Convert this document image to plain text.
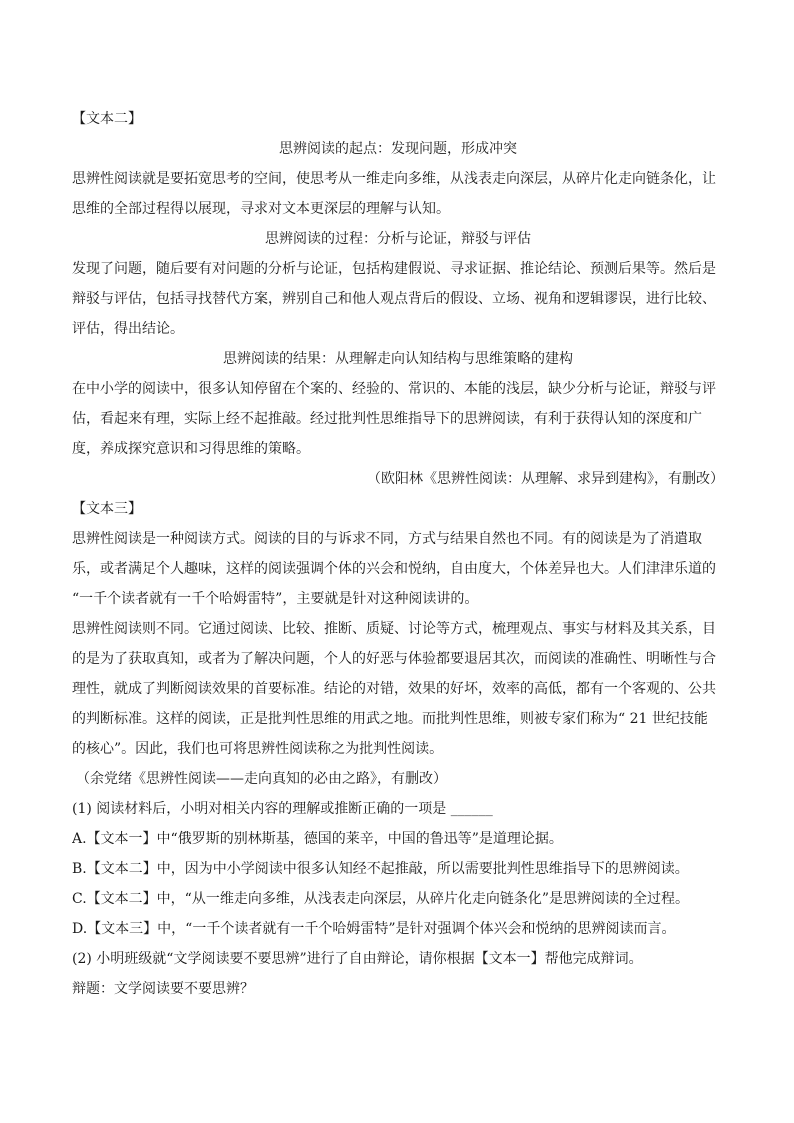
【文本二】
思辨阅读的起点：发现问题，形成冲突
思辨性阅读就是要拓宽思考的空间，使思考从一维走向多维，从浅表走向深层，从碎片化走向链条化，让
思维的全部过程得以展现，寻求对文本更深层的理解与认知。
思辨阅读的过程：分析与论证，辩驳与评估
发现了问题，随后要有对问题的分析与论证，包括构建假说、寻求证据、推论结论、预测后果等。然后是
辩驳与评估，包括寻找替代方案，辨别自己和他人观点背后的假设、立场、视角和逻辑谬误，进行比较、
评估，得出结论。
思辨阅读的结果：从理解走向认知结构与思维策略的建构
在中小学的阅读中，很多认知停留在个案的、经验的、常识的、本能的浅层，缺少分析与论证，辩驳与评
估，看起来有理，实际上经不起推敲。经过批判性思维指导下的思辨阅读，有利于获得认知的深度和广
度，养成探究意识和习得思维的策略。
（欧阳林《思辨性阅读：从理解、求异到建构》，有删改）
【文本三】
思辨性阅读是一种阅读方式。阅读的目的与诉求不同，方式与结果自然也不同。有的阅读是为了消遣取
乐，或者满足个人趣味，这样的阅读强调个体的兴会和悦纳，自由度大，个体差异也大。人们津津乐道的
“一千个读者就有一千个哈姆雷特”，主要就是针对这种阅读讲的。
思辨性阅读则不同。它通过阅读、比较、推断、质疑、讨论等方式，梳理观点、事实与材料及其关系，目
的是为了获取真知，或者为了解决问题，个人的好恶与体验都要退居其次，而阅读的准确性、明晰性与合
理性，就成了判断阅读效果的首要标准。结论的对错，效果的好坏，效率的高低，都有一个客观的、公共
的判断标准。这样的阅读，正是批判性思维的用武之地。而批判性思维，则被专家们称为“ 21 世纪技能
的核心”。因此，我们也可将思辨性阅读称之为批判性阅读。
（余党绪《思辨性阅读——走向真知的必由之路》，有删改）
(1) 阅读材料后，小明对相关内容的理解或推断正确的一项是 ______
A.【文本一】中“俄罗斯的别林斯基，德国的莱辛，中国的鲁迅等”是道理论据。
B.【文本二】中，因为中小学阅读中很多认知经不起推敲，所以需要批判性思维指导下的思辨阅读。
C.【文本二】中，“从一维走向多维，从浅表走向深层，从碎片化走向链条化”是思辨阅读的全过程。
D.【文本三】中，“一千个读者就有一千个哈姆雷特”是针对强调个体兴会和悦纳的思辨阅读而言。
(2) 小明班级就“文学阅读要不要思辨”进行了自由辩论，请你根据【文本一】帮他完成辩词。
辩题：文学阅读要不要思辨？
